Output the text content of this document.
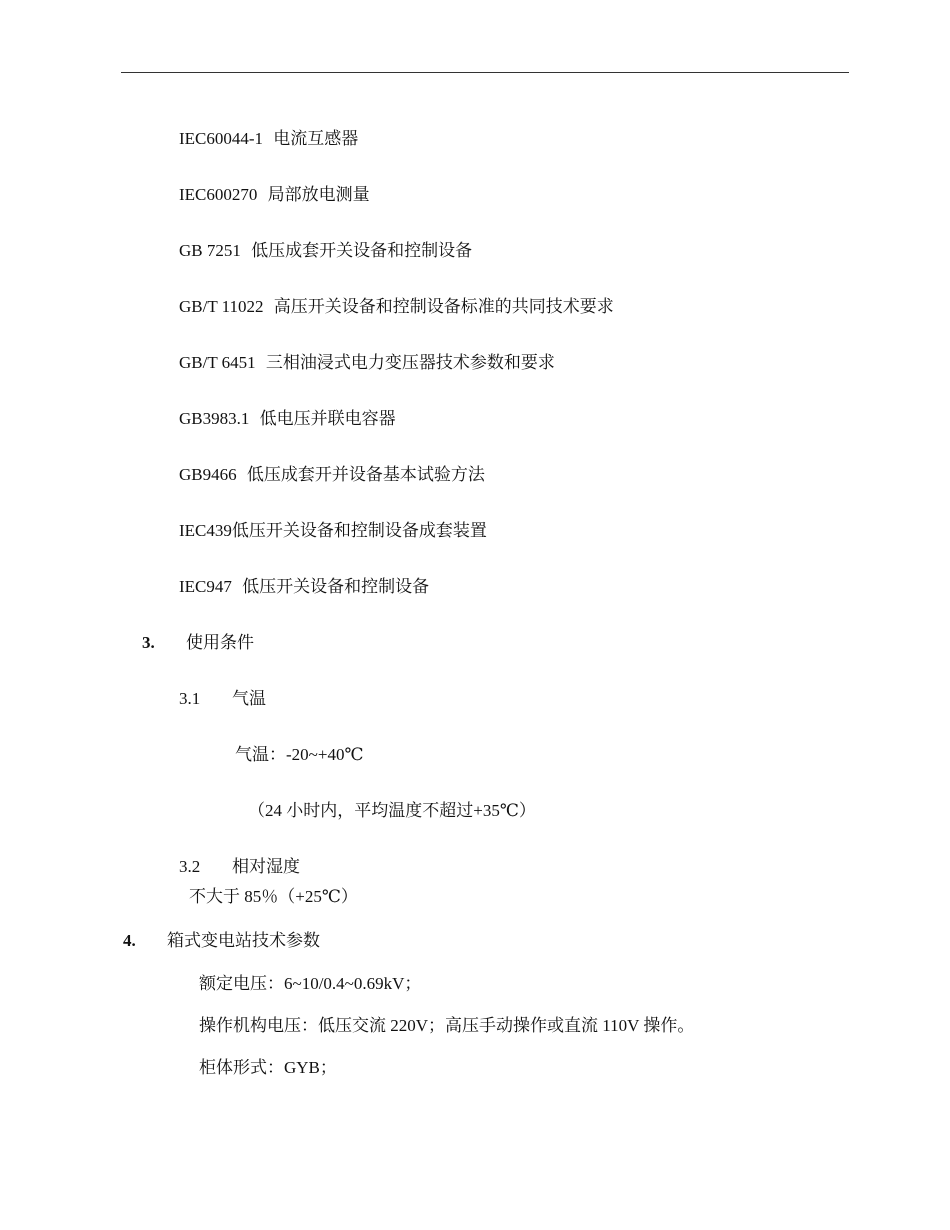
IEC60044-1 电流互感器
IEC600270 局部放电测量
GB 7251 低压成套开关设备和控制设备
GB/T 11022 高压开关设备和控制设备标准的共同技术要求
GB/T 6451 三相油浸式电力变压器技术参数和要求
GB3983.1 低电压并联电容器
GB9466 低压成套开并设备基本试验方法
IEC439低压开关设备和控制设备成套装置
IEC947 低压开关设备和控制设备
3. 使用条件
3.1 气温
气温：-20~+40℃
（24 小时内，平均温度不超过+35℃）
3.2 相对湿度
不大于 85％（+25℃）
4. 箱式变电站技术参数
额定电压：6~10/0.4~0.69kV；
操作机构电压：低压交流 220V；高压手动操作或直流 110V 操作。
柜体形式：GYB；
